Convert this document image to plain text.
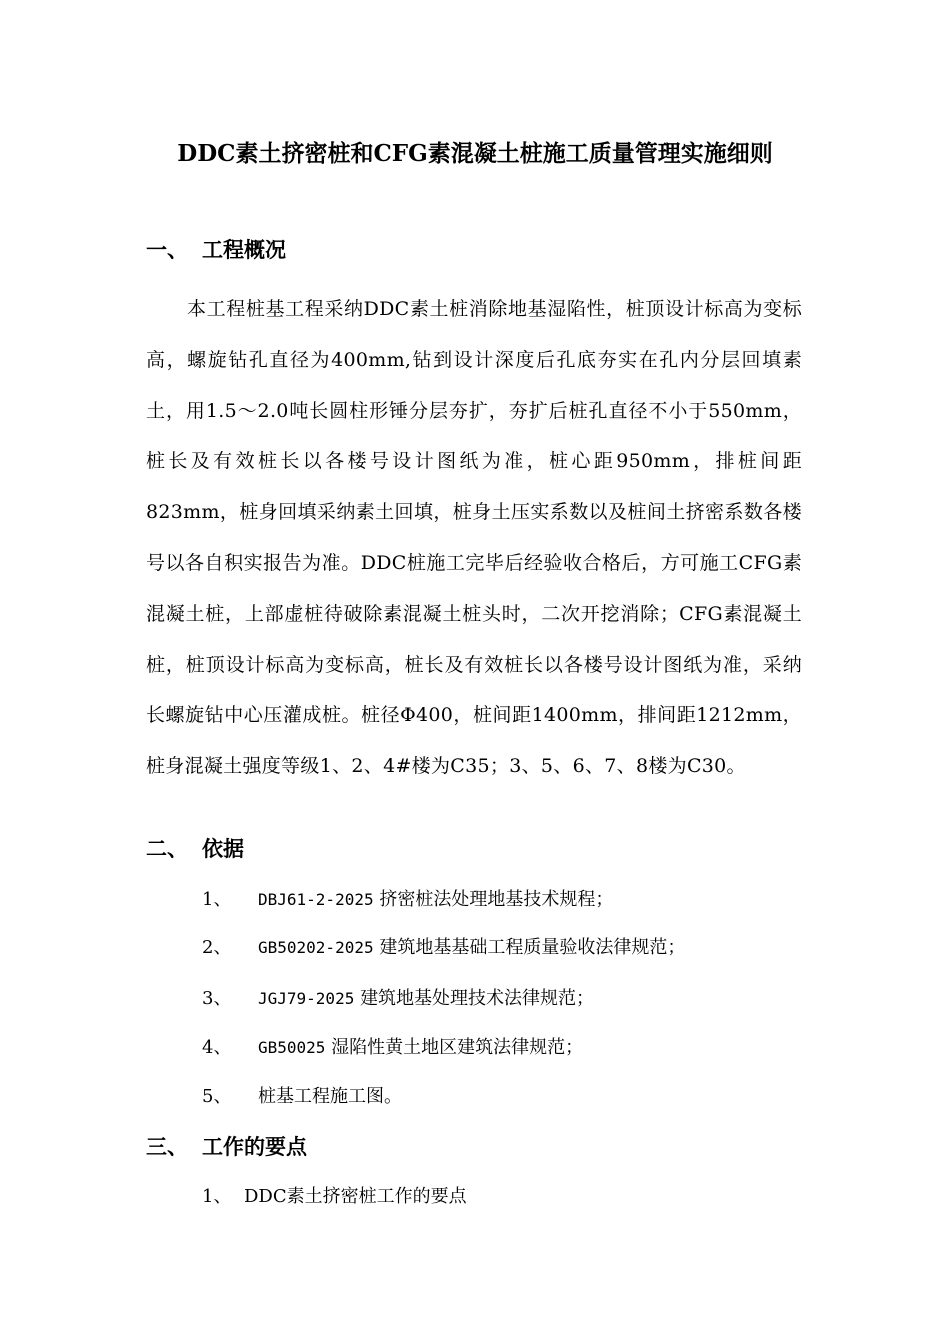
DDC素土挤密桩和CFG素混凝土桩施工质量管理实施细则
一、 工程概况

本工程桩基工程采纳DDC素土桩消除地基湿陷性，桩顶设计标高为变标高，螺旋钻孔直径为400mm,钻到设计深度后孔底夯实在孔内分层回填素土，用1.5～2.0吨长圆柱形锤分层夯扩，夯扩后桩孔直径不小于550mm，桩长及有效桩长以各楼号设计图纸为准，桩心距950mm，排桩间距823mm，桩身回填采纳素土回填，桩身土压实系数以及桩间土挤密系数各楼号以各自积实报告为准。DDC桩施工完毕后经验收合格后，方可施工CFG素混凝土桩，上部虚桩待破除素混凝土桩头时，二次开挖消除；CFG素混凝土桩，桩顶设计标高为变标高，桩长及有效桩长以各楼号设计图纸为准，采纳长螺旋钻中心压灌成桩。桩径Φ400，桩间距1400mm，排间距1212mm，桩身混凝土强度等级1、2、4#楼为C35；3、5、6、7、8楼为C30。

二、 依据
1、 DBJ61-2-2025 挤密桩法处理地基技术规程；
2、 GB50202-2025 建筑地基基础工程质量验收法律规范；
3、 JGJ79-2025 建筑地基处理技术法律规范；
4、 GB50025 湿陷性黄土地区建筑法律规范；
5、 桩基工程施工图。
三、 工作的要点
1、 DDC素土挤密桩工作的要点
